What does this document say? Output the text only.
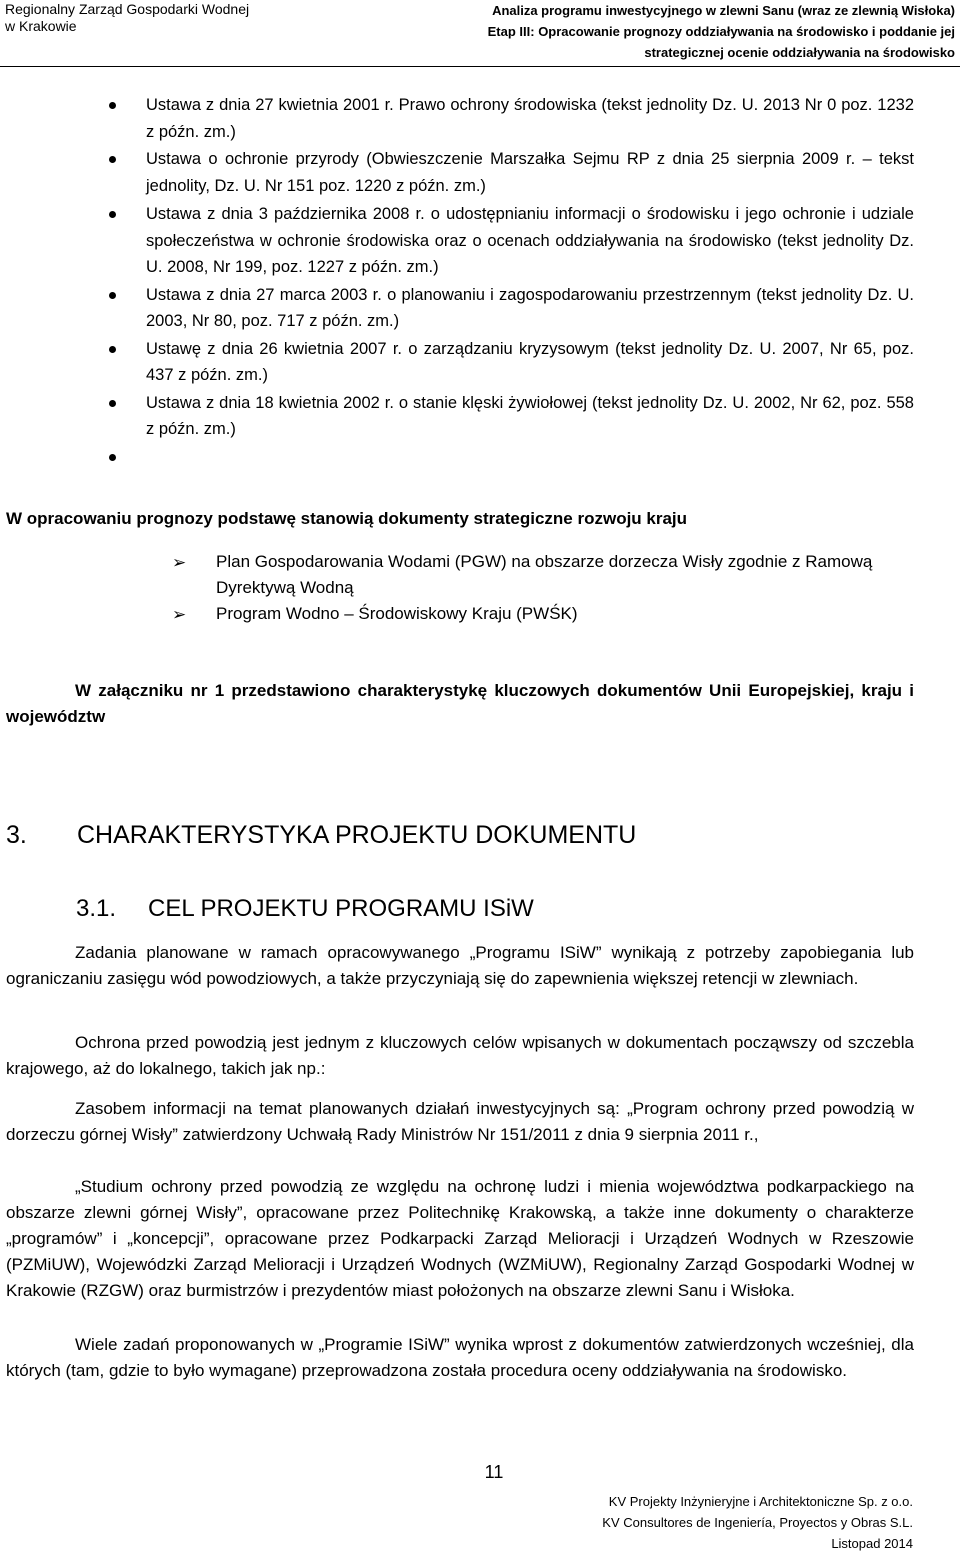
Regionalny Zarząd Gospodarki Wodnej
w Krakowie
Analiza programu inwestycyjnego w zlewni Sanu (wraz ze zlewnią Wisłoka)
Etap III: Opracowanie prognozy oddziaływania na środowisko i poddanie jej
strategicznej ocenie oddziaływania na środowisko
Ustawa z dnia 27 kwietnia 2001 r. Prawo ochrony środowiska (tekst jednolity Dz. U. 2013 Nr 0 poz. 1232 z późn. zm.)
Ustawa o ochronie przyrody (Obwieszczenie Marszałka Sejmu RP z dnia 25 sierpnia 2009 r. – tekst jednolity, Dz. U. Nr 151 poz. 1220 z późn. zm.)
Ustawa z dnia 3 października 2008 r. o udostępnianiu informacji o środowisku i jego ochronie i udziale społeczeństwa w ochronie środowiska oraz o ocenach oddziaływania na środowisko (tekst jednolity Dz. U. 2008, Nr 199, poz. 1227 z późn. zm.)
Ustawa z dnia 27 marca 2003 r. o planowaniu i zagospodarowaniu przestrzennym (tekst jednolity Dz. U. 2003, Nr 80, poz. 717 z późn. zm.)
Ustawę z dnia 26 kwietnia 2007 r. o zarządzaniu kryzysowym (tekst jednolity Dz. U. 2007, Nr 65, poz. 437 z późn. zm.)
Ustawa z dnia 18 kwietnia 2002 r. o stanie klęski żywiołowej (tekst jednolity Dz. U. 2002, Nr 62, poz. 558 z późn. zm.)
W opracowaniu prognozy podstawę stanowią dokumenty strategiczne rozwoju kraju
➢ Plan Gospodarowania Wodami (PGW) na obszarze dorzecza Wisły zgodnie z Ramową Dyrektywą Wodną
➢ Program Wodno – Środowiskowy Kraju (PWŚK)
W załączniku nr 1 przedstawiono charakterystykę kluczowych dokumentów Unii Europejskiej, kraju i województw
3. CHARAKTERYSTYKA PROJEKTU DOKUMENTU
3.1. CEL PROJEKTU PROGRAMU ISiW
Zadania planowane w ramach opracowywanego „Programu ISiW” wynikają z potrzeby zapobiegania lub ograniczaniu zasięgu wód powodziowych, a także przyczyniają się do zapewnienia większej retencji w zlewniach.
Ochrona przed powodzią jest jednym z kluczowych celów wpisanych w dokumentach począwszy od szczebla krajowego, aż do lokalnego, takich jak np.:
Zasobem informacji na temat planowanych działań inwestycyjnych są: „Program ochrony przed powodzią w dorzeczu górnej Wisły” zatwierdzony Uchwałą Rady Ministrów Nr 151/2011 z dnia 9 sierpnia 2011 r.,
„Studium ochrony przed powodzią ze względu na ochronę ludzi i mienia województwa podkarpackiego na obszarze zlewni górnej Wisły”, opracowane przez Politechnikę Krakowską, a także inne dokumenty o charakterze „programów” i „koncepcji”, opracowane przez Podkarpacki Zarząd Melioracji i Urządzeń Wodnych w Rzeszowie (PZMiUW), Wojewódzki Zarząd Melioracji i Urządzeń Wodnych (WZMiUW), Regionalny Zarząd Gospodarki Wodnej w Krakowie (RZGW) oraz burmistrzów i prezydentów miast położonych na obszarze zlewni Sanu i Wisłoka.
Wiele zadań proponowanych w „Programie ISiW” wynika wprost z dokumentów zatwierdzonych wcześniej, dla których (tam, gdzie to było wymagane) przeprowadzona została procedura oceny oddziaływania na środowisko.
11
KV Projekty Inżynieryjne i Architektoniczne Sp. z o.o.
KV Consultores de Ingeniería, Proyectos y Obras S.L.
Listopad 2014
